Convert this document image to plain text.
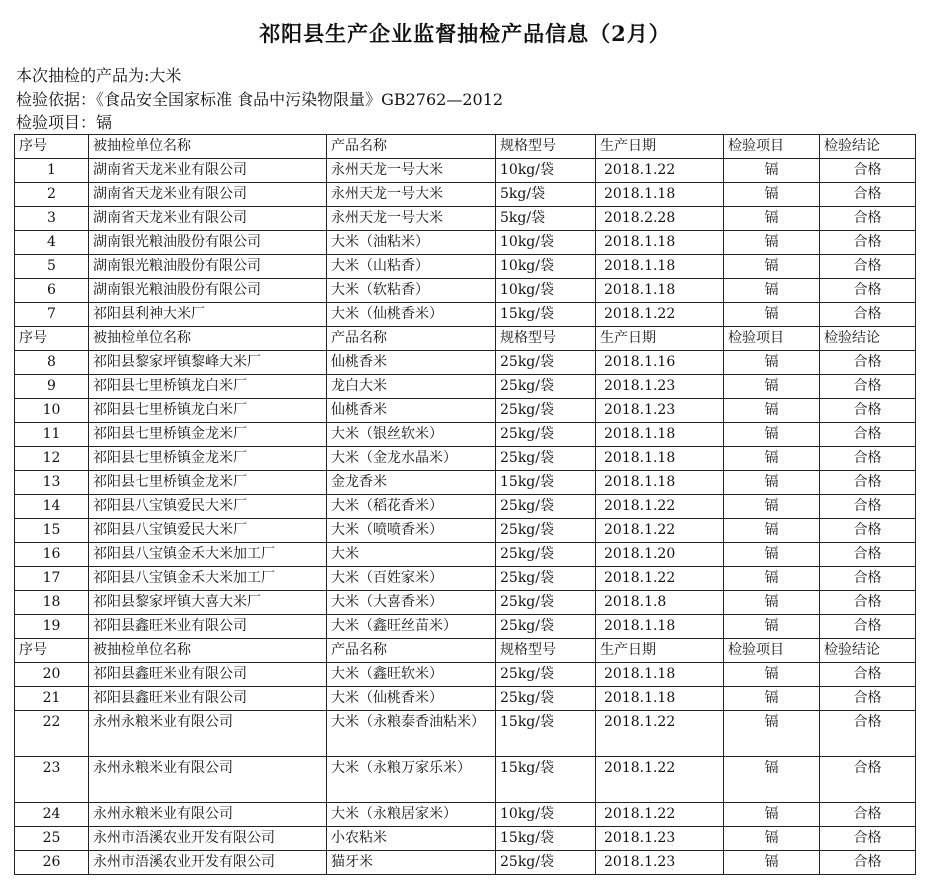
祁阳县生产企业监督抽检产品信息（2月）
本次抽检的产品为:大米
检验依据：《食品安全国家标准 食品中污染物限量》GB2762—2012
检验项目：镉
序号	被抽检单位名称	产品名称	规格型号	生产日期	检验项目	检验结论
1	湖南省天龙米业有限公司	永州天龙一号大米	10kg/袋	2018.1.22	镉	合格
2	湖南省天龙米业有限公司	永州天龙一号大米	5kg/袋	2018.1.18	镉	合格
3	湖南省天龙米业有限公司	永州天龙一号大米	5kg/袋	2018.2.28	镉	合格
4	湖南银光粮油股份有限公司	大米（油粘米）	10kg/袋	2018.1.18	镉	合格
5	湖南银光粮油股份有限公司	大米（山粘香）	10kg/袋	2018.1.18	镉	合格
6	湖南银光粮油股份有限公司	大米（软粘香）	10kg/袋	2018.1.18	镉	合格
7	祁阳县利神大米厂	大米（仙桃香米）	15kg/袋	2018.1.22	镉	合格
序号	被抽检单位名称	产品名称	规格型号	生产日期	检验项目	检验结论
8	祁阳县黎家坪镇黎峰大米厂	仙桃香米	25kg/袋	2018.1.16	镉	合格
9	祁阳县七里桥镇龙白米厂	龙白大米	25kg/袋	2018.1.23	镉	合格
10	祁阳县七里桥镇龙白米厂	仙桃香米	25kg/袋	2018.1.23	镉	合格
11	祁阳县七里桥镇金龙米厂	大米（银丝软米）	25kg/袋	2018.1.18	镉	合格
12	祁阳县七里桥镇金龙米厂	大米（金龙水晶米）	25kg/袋	2018.1.18	镉	合格
13	祁阳县七里桥镇金龙米厂	金龙香米	15kg/袋	2018.1.18	镉	合格
14	祁阳县八宝镇爱民大米厂	大米（稻花香米）	25kg/袋	2018.1.22	镉	合格
15	祁阳县八宝镇爱民大米厂	大米（喷喷香米）	25kg/袋	2018.1.22	镉	合格
16	祁阳县八宝镇金禾大米加工厂	大米	25kg/袋	2018.1.20	镉	合格
17	祁阳县八宝镇金禾大米加工厂	大米（百姓家米）	25kg/袋	2018.1.22	镉	合格
18	祁阳县黎家坪镇大喜大米厂	大米（大喜香米）	25kg/袋	2018.1.8	镉	合格
19	祁阳县鑫旺米业有限公司	大米（鑫旺丝苗米）	25kg/袋	2018.1.18	镉	合格
序号	被抽检单位名称	产品名称	规格型号	生产日期	检验项目	检验结论
20	祁阳县鑫旺米业有限公司	大米（鑫旺软米）	25kg/袋	2018.1.18	镉	合格
21	祁阳县鑫旺米业有限公司	大米（仙桃香米）	25kg/袋	2018.1.18	镉	合格
22	永州永粮米业有限公司	大米（永粮泰香油粘米）	15kg/袋	2018.1.22	镉	合格
23	永州永粮米业有限公司	大米（永粮万家乐米）	15kg/袋	2018.1.22	镉	合格
24	永州永粮米业有限公司	大米（永粮居家米）	10kg/袋	2018.1.22	镉	合格
25	永州市浯溪农业开发有限公司	小农粘米	15kg/袋	2018.1.23	镉	合格
26	永州市浯溪农业开发有限公司	猫牙米	25kg/袋	2018.1.23	镉	合格
